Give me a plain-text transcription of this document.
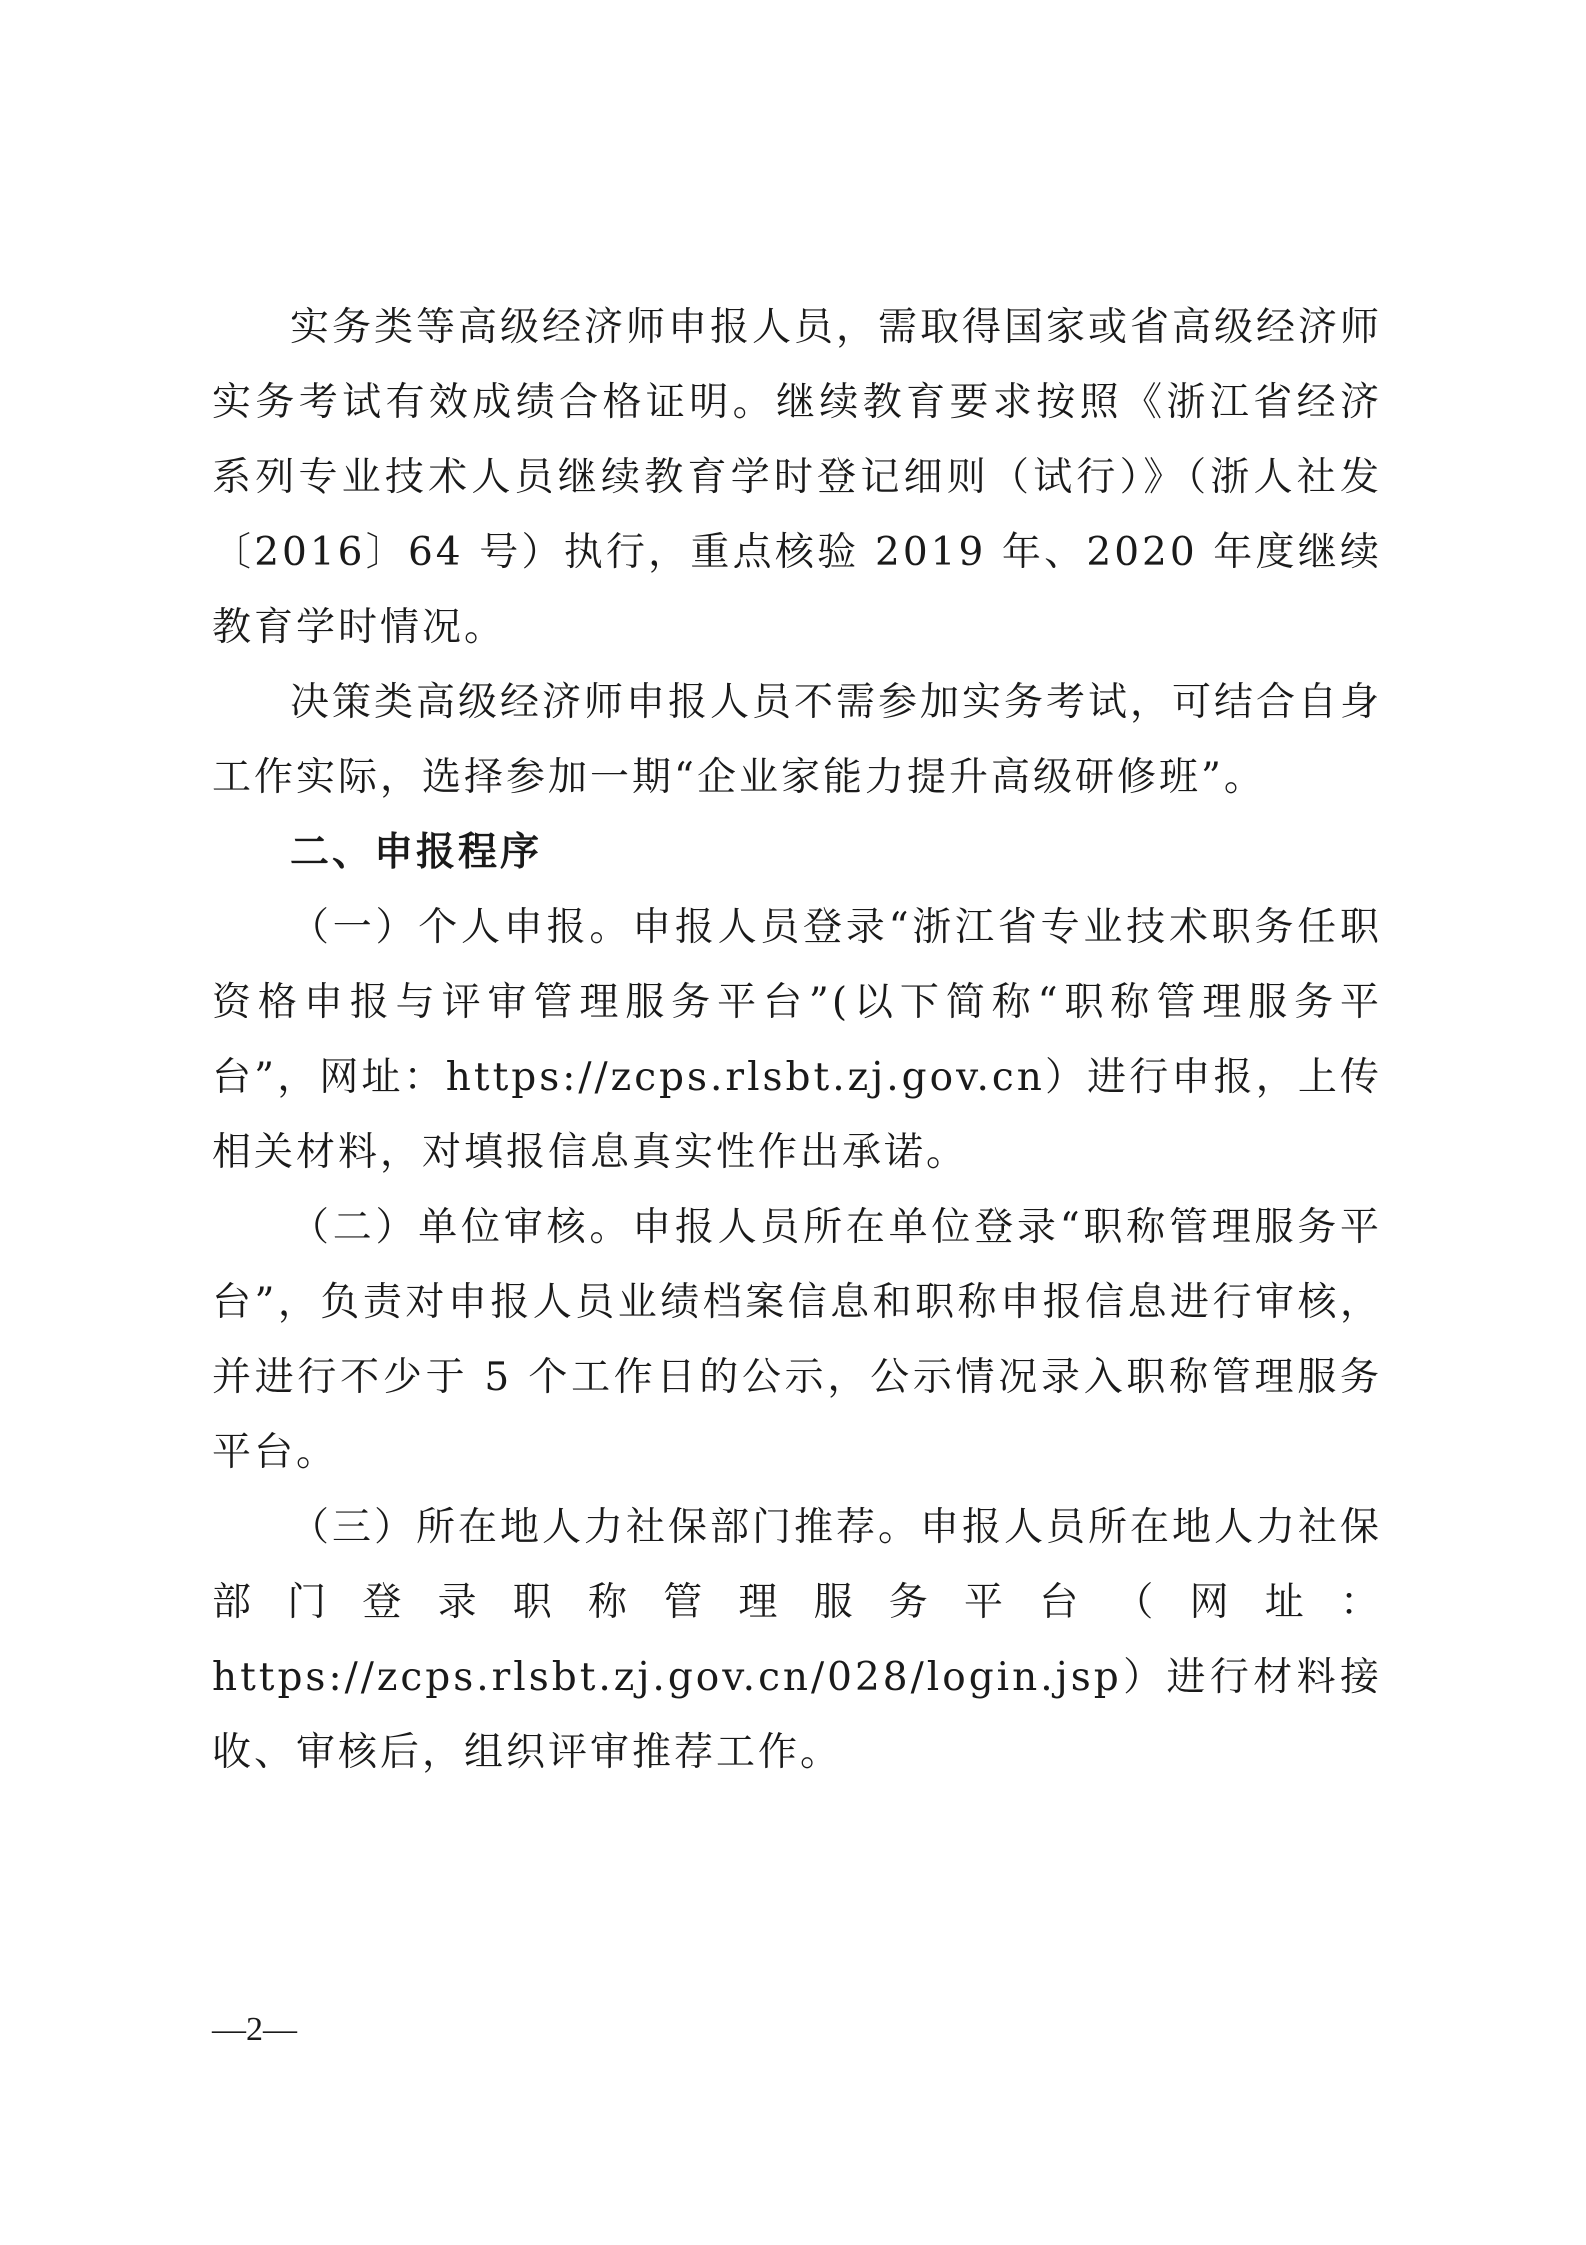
实务类等高级经济师申报人员，需取得国家或省高级经济师实务考试有效成绩合格证明。继续教育要求按照《浙江省经济系列专业技术人员继续教育学时登记细则（试行）》（浙人社发〔2016〕64 号）执行，重点核验 2019 年、2020 年度继续教育学时情况。

决策类高级经济师申报人员不需参加实务考试，可结合自身工作实际，选择参加一期“企业家能力提升高级研修班”。

二、申报程序

（一）个人申报。申报人员登录“浙江省专业技术职务任职资格申报与评审管理服务平台”(以下简称“职称管理服务平台”，网址：https://zcps.rlsbt.zj.gov.cn）进行申报，上传相关材料，对填报信息真实性作出承诺。

（二）单位审核。申报人员所在单位登录“职称管理服务平台”，负责对申报人员业绩档案信息和职称申报信息进行审核，并进行不少于 5 个工作日的公示，公示情况录入职称管理服务平台。

（三）所在地人力社保部门推荐。申报人员所在地人力社保部 门 登 录 职 称 管 理 服 务 平 台 （ 网 址 ：https://zcps.rlsbt.zj.gov.cn/028/login.jsp）进行材料接收、审核后，组织评审推荐工作。

—2—
